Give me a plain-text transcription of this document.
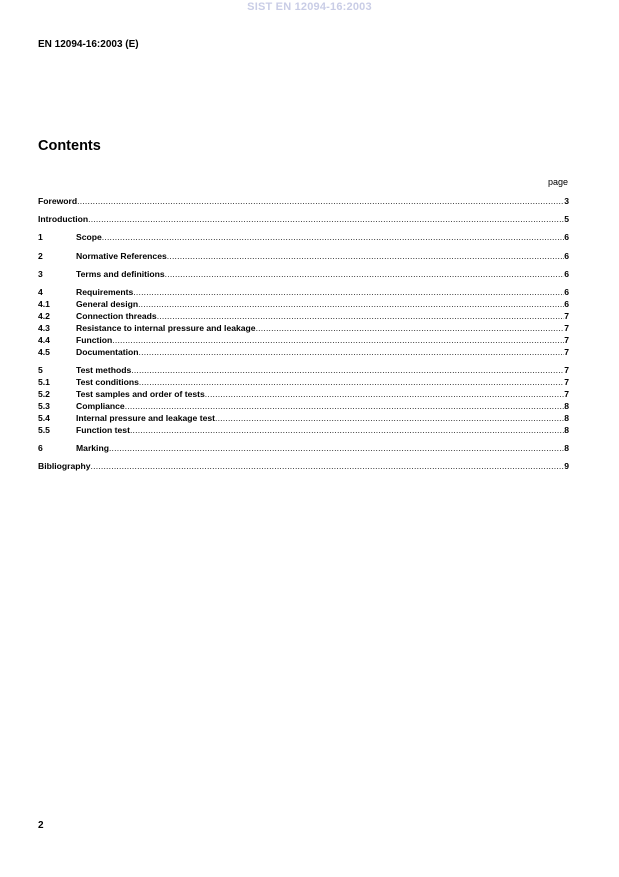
SIST EN 12094-16:2003
EN 12094-16:2003 (E)
Contents
page
Foreword .....	3
Introduction .....	5
1	Scope .....	6
2	Normative References .....	6
3	Terms and definitions .....	6
4	Requirements .....	6
4.1	General design .....	6
4.2	Connection threads .....	7
4.3	Resistance to internal pressure and leakage .....	7
4.4	Function .....	7
4.5	Documentation .....	7
5	Test methods .....	7
5.1	Test conditions .....	7
5.2	Test samples and order of tests .....	7
5.3	Compliance .....	8
5.4	Internal pressure and leakage test .....	8
5.5	Function test .....	8
6	Marking .....	8
Bibliography .....	9
2
